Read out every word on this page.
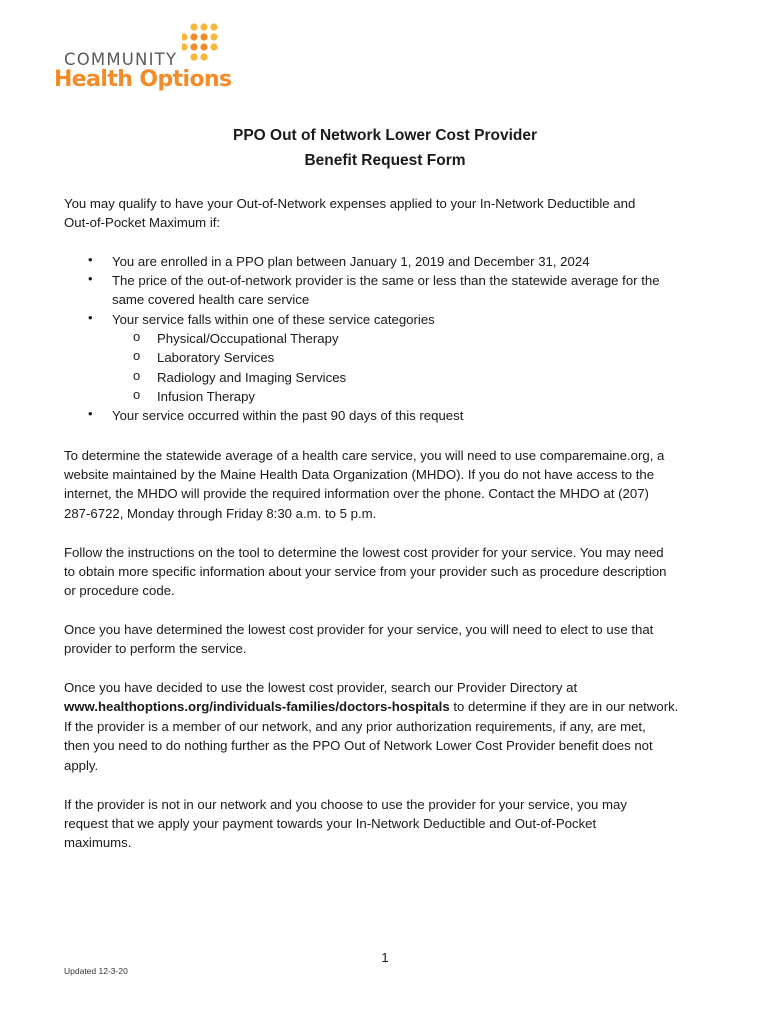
COMMUNITY
Health Options
PPO Out of Network Lower Cost Provider
Benefit Request Form
You may qualify to have your Out-of-Network expenses applied to your In-Network Deductible and
Out-of-Pocket Maximum if:
• You are enrolled in a PPO plan between January 1, 2019 and December 31, 2024
• The price of the out-of-network provider is the same or less than the statewide average for the
same covered health care service
• Your service falls within one of these service categories
o Physical/Occupational Therapy
o Laboratory Services
o Radiology and Imaging Services
o Infusion Therapy
• Your service occurred within the past 90 days of this request
To determine the statewide average of a health care service, you will need to use comparemaine.org, a
website maintained by the Maine Health Data Organization (MHDO). If you do not have access to the
internet, the MHDO will provide the required information over the phone. Contact the MHDO at (207)
287-6722, Monday through Friday 8:30 a.m. to 5 p.m.
Follow the instructions on the tool to determine the lowest cost provider for your service. You may need
to obtain more specific information about your service from your provider such as procedure description
or procedure code.
Once you have determined the lowest cost provider for your service, you will need to elect to use that
provider to perform the service.
Once you have decided to use the lowest cost provider, search our Provider Directory at
www.healthoptions.org/individuals-families/doctors-hospitals to determine if they are in our network.
If the provider is a member of our network, and any prior authorization requirements, if any, are met,
then you need to do nothing further as the PPO Out of Network Lower Cost Provider benefit does not
apply.
If the provider is not in our network and you choose to use the provider for your service, you may
request that we apply your payment towards your In-Network Deductible and Out-of-Pocket
maximums.
1
Updated 12-3-20
